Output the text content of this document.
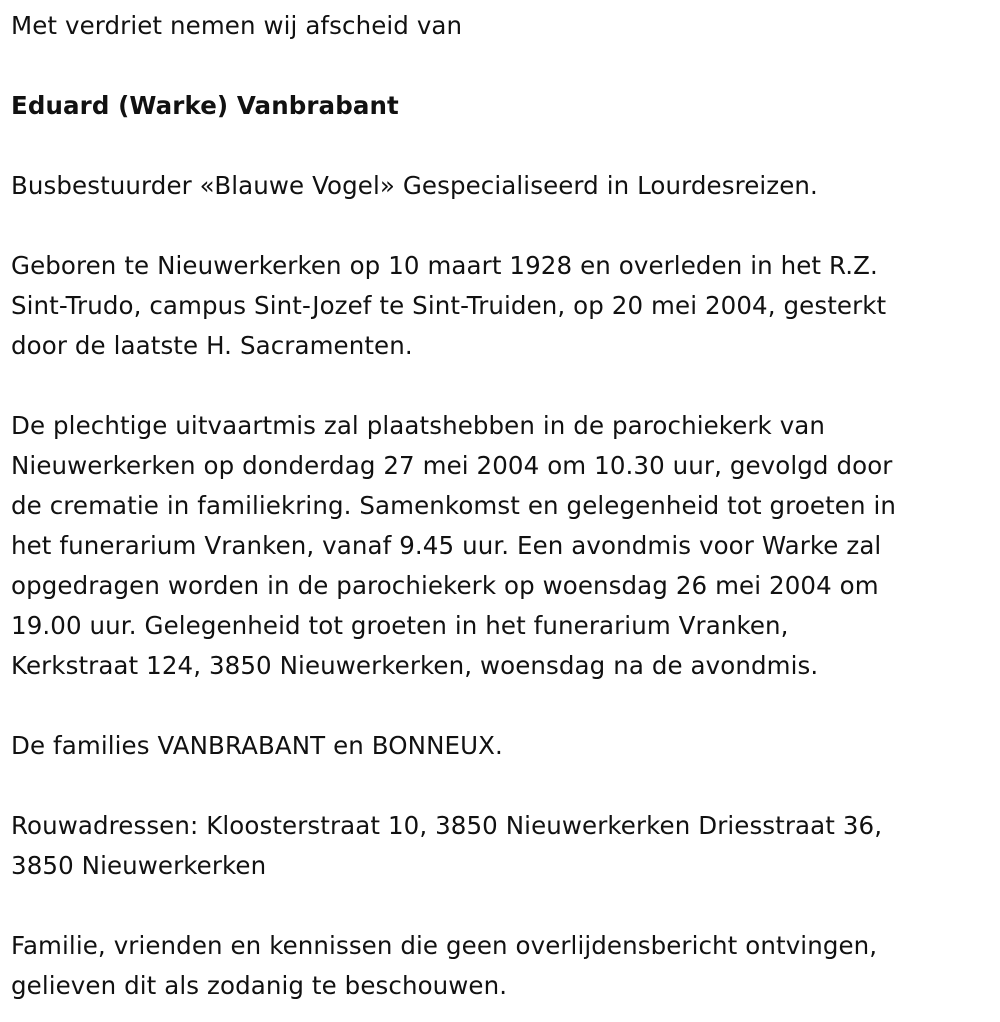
Met verdriet nemen wij afscheid van

Eduard (Warke) Vanbrabant

Busbestuurder «Blauwe Vogel» Gespecialiseerd in Lourdesreizen.

Geboren te Nieuwerkerken op 10 maart 1928 en overleden in het R.Z.
Sint-Trudo, campus Sint-Jozef te Sint-Truiden, op 20 mei 2004, gesterkt
door de laatste H. Sacramenten.

De plechtige uitvaartmis zal plaatshebben in de parochiekerk van
Nieuwerkerken op donderdag 27 mei 2004 om 10.30 uur, gevolgd door
de crematie in familiekring. Samenkomst en gelegenheid tot groeten in
het funerarium Vranken, vanaf 9.45 uur. Een avondmis voor Warke zal
opgedragen worden in de parochiekerk op woensdag 26 mei 2004 om
19.00 uur. Gelegenheid tot groeten in het funerarium Vranken,
Kerkstraat 124, 3850 Nieuwerkerken, woensdag na de avondmis.

De families VANBRABANT en BONNEUX.

Rouwadressen: Kloosterstraat 10, 3850 Nieuwerkerken Driesstraat 36,
3850 Nieuwerkerken

Familie, vrienden en kennissen die geen overlijdensbericht ontvingen,
gelieven dit als zodanig te beschouwen.
